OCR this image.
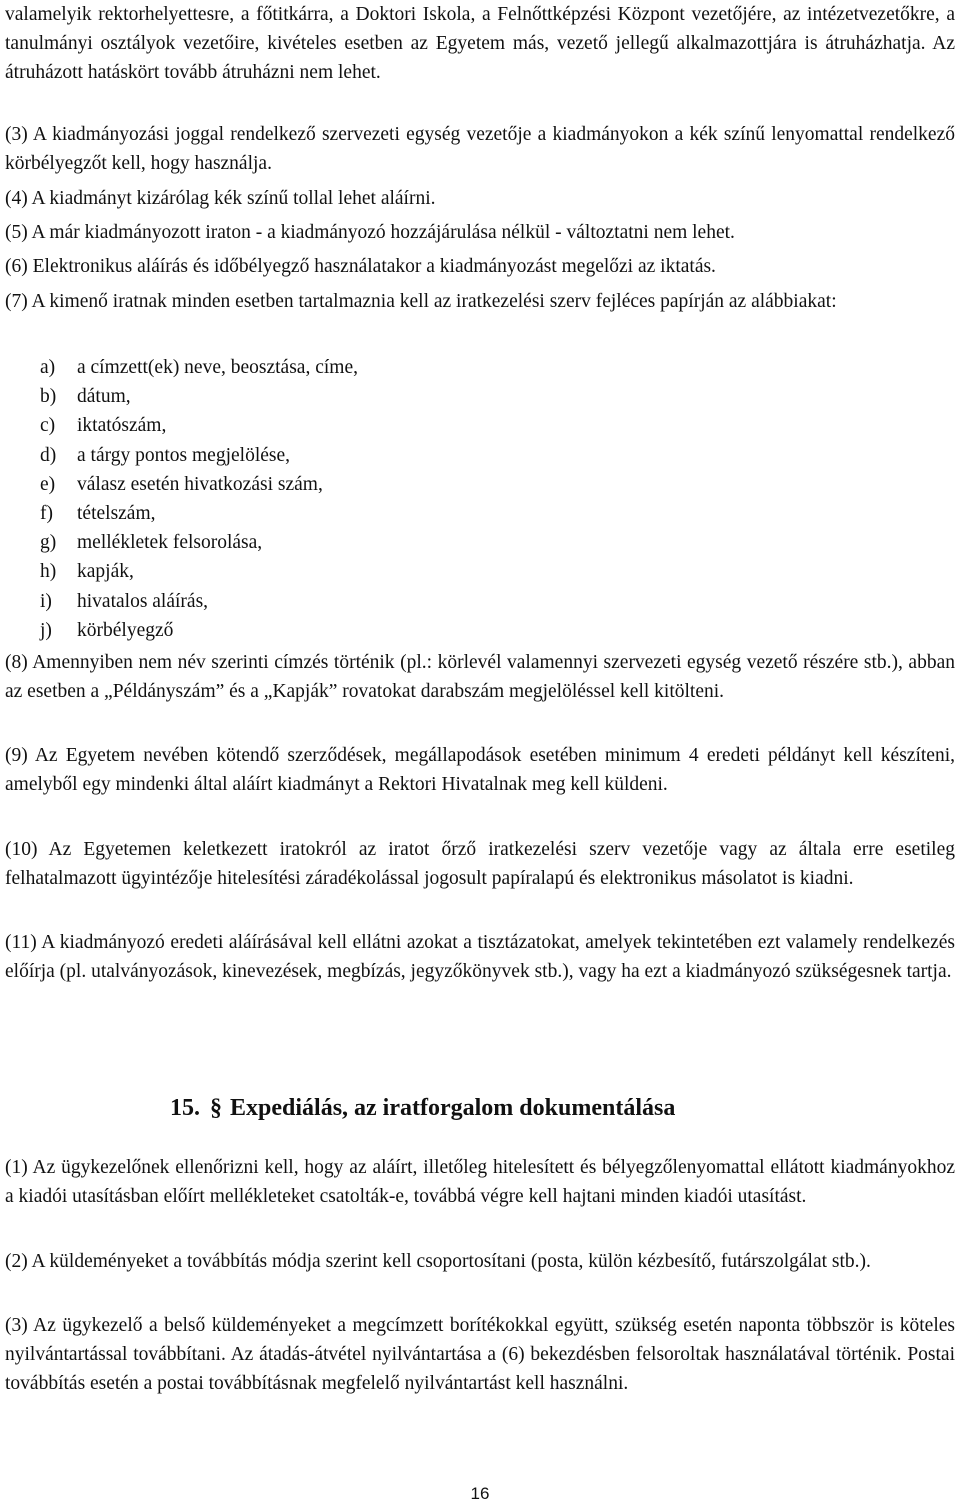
valamelyik rektorhelyettesre, a főtitkárra, a Doktori Iskola, a Felnőttképzési Központ vezetőjére, az intézetvezetőkre, a tanulmányi osztályok vezetőire, kivételes esetben az Egyetem más, vezető jellegű alkalmazottjára is átruházhatja. Az átruházott hatáskört tovább átruházni nem lehet.

(3) A kiadmányozási joggal rendelkező szervezeti egység vezetője a kiadmányokon a kék színű lenyomattal rendelkező körbélyegzőt kell, hogy használja.

(4) A kiadmányt kizárólag kék színű tollal lehet aláírni.

(5) A már kiadmányozott iraton - a kiadmányozó hozzájárulása nélkül - változtatni nem lehet.

(6) Elektronikus aláírás és időbélyegző használatakor a kiadmányozást megelőzi az iktatás.

(7) A kimenő iratnak minden esetben tartalmaznia kell az iratkezelési szerv fejléces papírján az alábbiakat:

a) a címzett(ek) neve, beosztása, címe,
b) dátum,
c) iktatószám,
d) a tárgy pontos megjelölése,
e) válasz esetén hivatkozási szám,
f) tételszám,
g) mellékletek felsorolása,
h) kapják,
i) hivatalos aláírás,
j) körbélyegző

(8) Amennyiben nem név szerinti címzés történik (pl.: körlevél valamennyi szervezeti egység vezető részére stb.), abban az esetben a „Példányszám” és a „Kapják” rovatokat darabszám megjelöléssel kell kitölteni.

(9) Az Egyetem nevében kötendő szerződések, megállapodások esetében minimum 4 eredeti példányt kell készíteni, amelyből egy mindenki által aláírt kiadmányt a Rektori Hivatalnak meg kell küldeni.

(10) Az Egyetemen keletkezett iratokról az iratot őrző iratkezelési szerv vezetője vagy az általa erre esetileg felhatalmazott ügyintézője hitelesítési záradékolással jogosult papíralapú és elektronikus másolatot is kiadni.

(11) A kiadmányozó eredeti aláírásával kell ellátni azokat a tisztázatokat, amelyek tekintetében ezt valamely rendelkezés előírja (pl. utalványozások, kinevezések, megbízás, jegyzőkönyvek stb.), vagy ha ezt a kiadmányozó szükségesnek tartja.

15. § Expediálás, az iratforgalom dokumentálása

(1) Az ügykezelőnek ellenőrizni kell, hogy az aláírt, illetőleg hitelesített és bélyegzőlenyomattal ellátott kiadmányokhoz a kiadói utasításban előírt mellékleteket csatolták-e, továbbá végre kell hajtani minden kiadói utasítást.

(2) A küldeményeket a továbbítás módja szerint kell csoportosítani (posta, külön kézbesítő, futárszolgálat stb.).

(3) Az ügykezelő a belső küldeményeket a megcímzett borítékokkal együtt, szükség esetén naponta többször is köteles nyilvántartással továbbítani. Az átadás-átvétel nyilvántartása a (6) bekezdésben felsoroltak használatával történik. Postai továbbítás esetén a postai továbbításnak megfelelő nyilvántartást kell használni.

16
